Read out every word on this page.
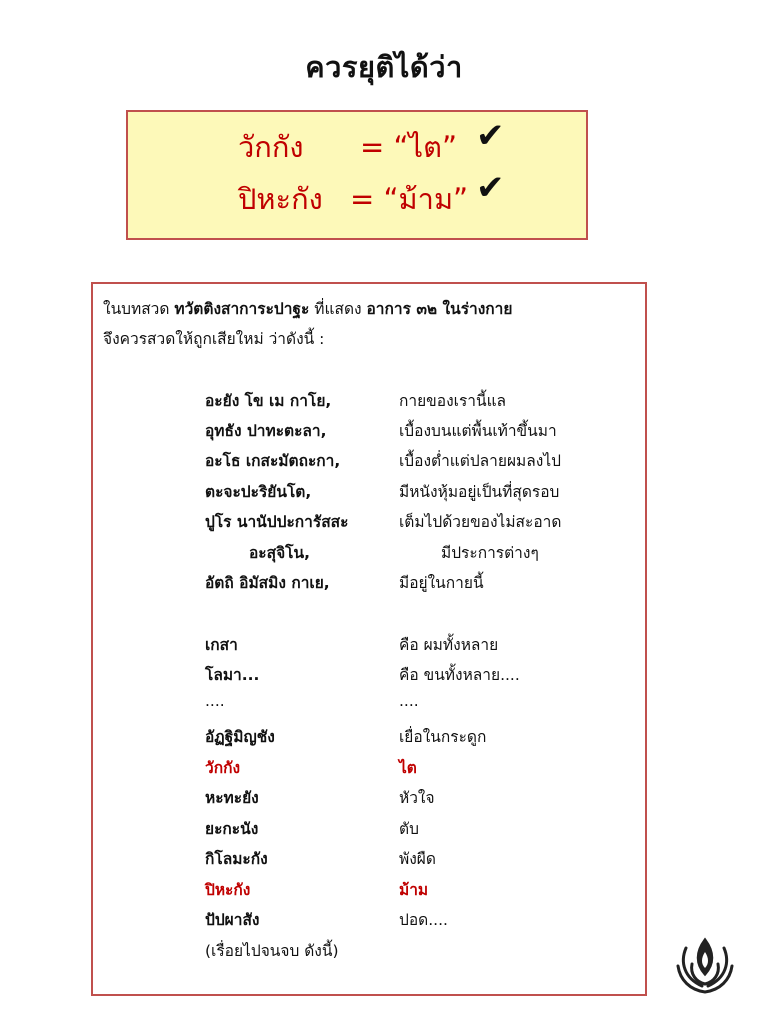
ควรยุติได้ว่า
วักกัง = “ไต” ✔
ปิหะกัง = “ม้าม” ✔
ในบทสวด ทวัตติงสาการะปาฐะ ที่แสดง อาการ ๓๒ ในร่างกาย
จึงควรสวดให้ถูกเสียใหม่ ว่าดังนี้ :
อะยัง โข เม กาโย,	กายของเรานี้แล
อุทธัง ปาทะตะลา,	เบื้องบนแต่พื้นเท้าขึ้นมา
อะโธ เกสะมัตถะกา,	เบื้องต่ำแต่ปลายผมลงไป
ตะจะปะริยันโต,	มีหนังหุ้มอยู่เป็นที่สุดรอบ
ปูโร นานัปปะการัสสะ	เต็มไปด้วยของไม่สะอาด
อะสุจิโน,	มีประการต่างๆ
อัตถิ อิมัสมิง กาเย,	มีอยู่ในกายนี้
เกสา	คือ ผมทั้งหลาย
โลมา...	คือ ขนทั้งหลาย....
....	....
อัฏฐิมิญชัง	เยื่อในกระดูก
วักกัง	ไต
หะทะยัง	หัวใจ
ยะกะนัง	ตับ
กิโลมะกัง	พังผืด
ปิหะกัง	ม้าม
ปัปผาสัง	ปอด....
(เรื่อยไปจนจบ ดังนี้)
